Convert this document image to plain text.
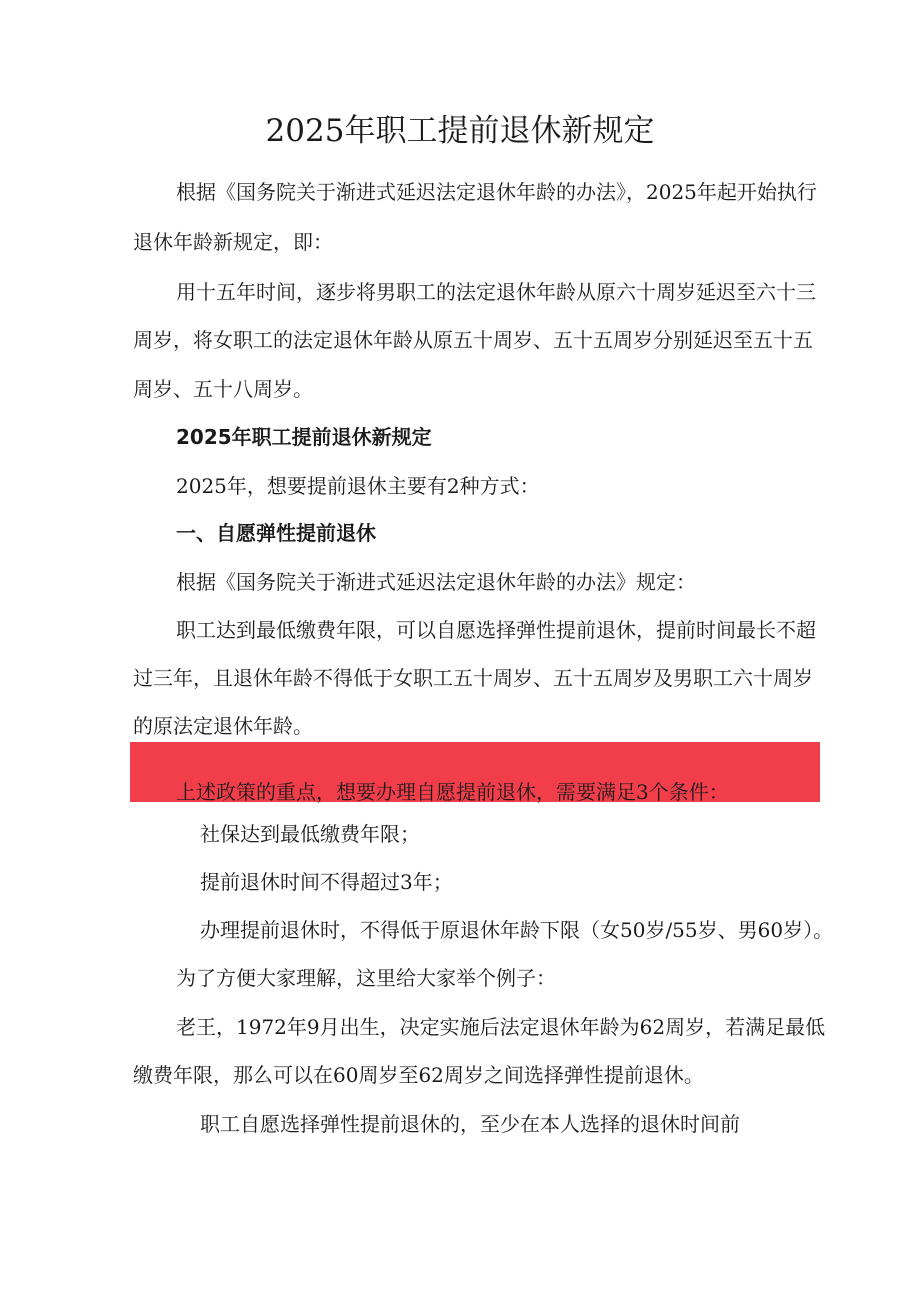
2025年职工提前退休新规定

根据《国务院关于渐进式延迟法定退休年龄的办法》，2025年起开始执行

退休年龄新规定，即：

用十五年时间，逐步将男职工的法定退休年龄从原六十周岁延迟至六十三

周岁，将女职工的法定退休年龄从原五十周岁、五十五周岁分别延迟至五十五

周岁、五十八周岁。

2025年职工提前退休新规定

2025年，想要提前退休主要有2种方式：

一、自愿弹性提前退休

根据《国务院关于渐进式延迟法定退休年龄的办法》规定：

职工达到最低缴费年限，可以自愿选择弹性提前退休，提前时间最长不超

过三年，且退休年龄不得低于女职工五十周岁、五十五周岁及男职工六十周岁

的原法定退休年龄。

上述政策的重点，想要办理自愿提前退休，需要满足3个条件：

社保达到最低缴费年限；

提前退休时间不得超过3年；

办理提前退休时，不得低于原退休年龄下限（女50岁/55岁、男60岁）。

为了方便大家理解，这里给大家举个例子：

老王，1972年9月出生，决定实施后法定退休年龄为62周岁，若满足最低

缴费年限，那么可以在60周岁至62周岁之间选择弹性提前退休。

职工自愿选择弹性提前退休的，至少在本人选择的退休时间前
